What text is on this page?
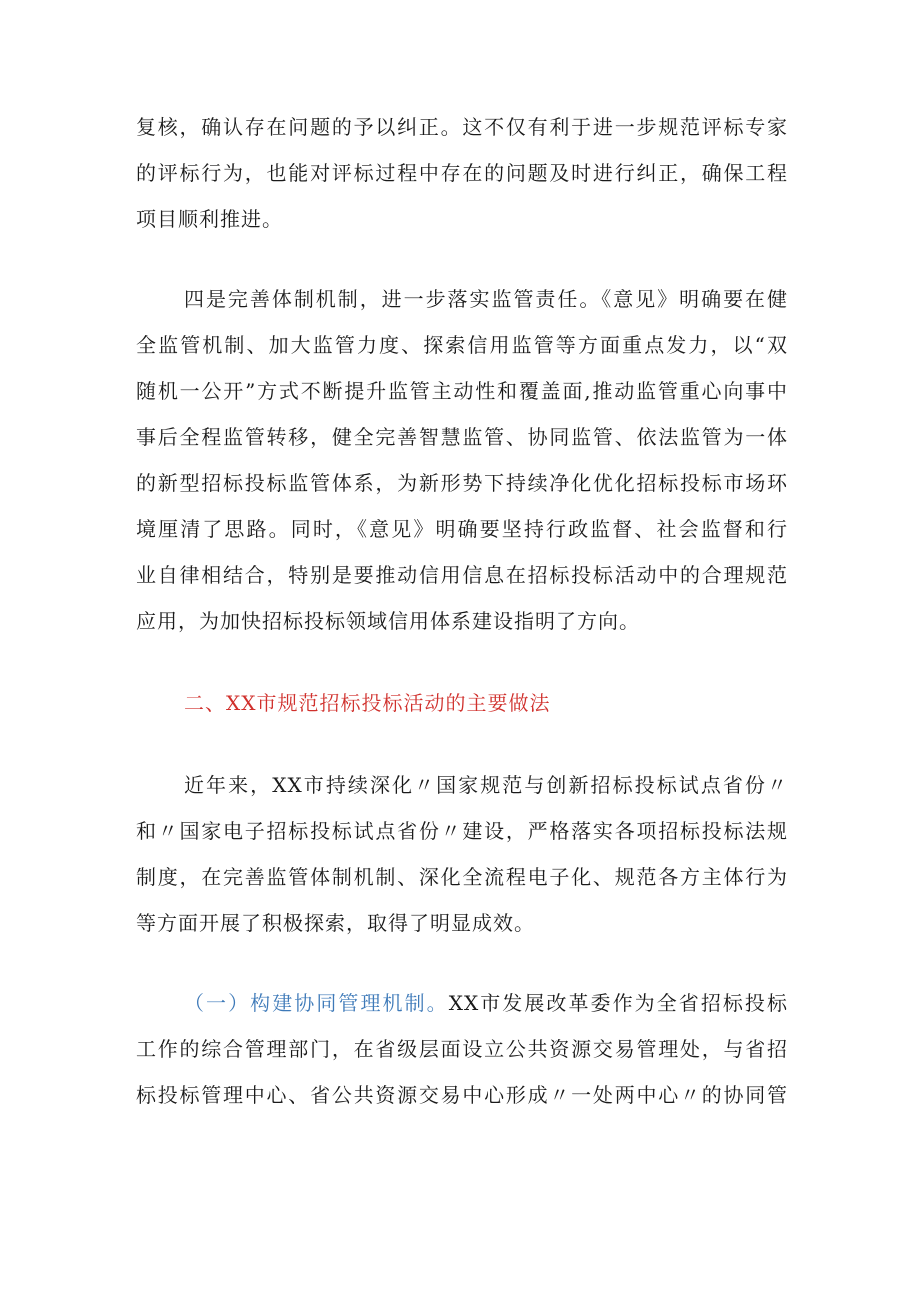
复核，确认存在问题的予以纠正。这不仅有利于进一步规范评标专家
的评标行为，也能对评标过程中存在的问题及时进行纠正，确保工程
项目顺利推进。

四是完善体制机制，进一步落实监管责任。《意见》明确要在健
全监管机制、加大监管力度、探索信用监管等方面重点发力，以“双
随机一公开”方式不断提升监管主动性和覆盖面,推动监管重心向事中
事后全程监管转移，健全完善智慧监管、协同监管、依法监管为一体
的新型招标投标监管体系，为新形势下持续净化优化招标投标市场环
境厘清了思路。同时，《意见》明确要坚持行政监督、社会监督和行
业自律相结合，特别是要推动信用信息在招标投标活动中的合理规范
应用，为加快招标投标领域信用体系建设指明了方向。

二、XX市规范招标投标活动的主要做法

近年来，XX市持续深化〃国家规范与创新招标投标试点省份〃
和〃国家电子招标投标试点省份〃建设，严格落实各项招标投标法规
制度，在完善监管体制机制、深化全流程电子化、规范各方主体行为
等方面开展了积极探索，取得了明显成效。

（一）构建协同管理机制。XX市发展改革委作为全省招标投标
工作的综合管理部门，在省级层面设立公共资源交易管理处，与省招
标投标管理中心、省公共资源交易中心形成〃一处两中心〃的协同管
